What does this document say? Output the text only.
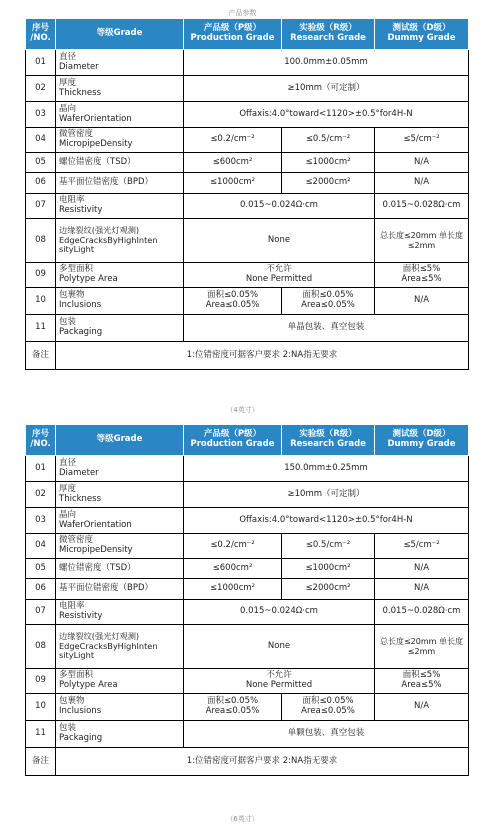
产品参数
序号
/NO.	等级Grade	产品级（P级）
Production Grade	实验级（R级）
Research Grade	测试级（D级）
Dummy Grade

01	直径
Diameter	100.0mm±0.05mm		
02	厚度
Thickness	≥10mm（可定制）		
03	晶向
WaferOrientation	Offaxis:4.0°toward<1120>±0.5°for4H-N		
04	微管密度
MicropipeDensity	≤0.2/cm⁻²	≤0.5/cm⁻²	≤5/cm⁻²
05	螺位错密度（TSD）	≤600cm²	≤1000cm²	N/A
06	基平面位错密度（BPD）	≤1000cm²	≤2000cm²	N/A
07	电阻率
Resistivity	0.015~0.024Ω·cm		0.015~0.028Ω·cm
08	边缘裂纹(强光灯观测)
EdgeCracksByHighInten
sityLight	None		总长度≤20mm 单长度≤2mm
09	多型面积
Polytype Area	不允许
None Permitted		面积≤5%
Area≤5%

10	包裹物
Inclusions	面积≤0.05%
Area≤0.05%	面积≤0.05%
Area≤0.05%	N/A
11	包装
Packaging	单晶包装、真空包装		
备注	1:位错密度可据客户要求 2:NA指无要求			
（4英寸）
序号
/NO.	等级Grade	产品级（P级）
Production Grade	实验级（R级）
Research Grade	测试级（D级）
Dummy Grade

01	直径
Diameter	150.0mm±0.25mm		
02	厚度
Thickness	≥10mm（可定制）		
03	晶向
WaferOrientation	Offaxis:4.0°toward<1120>±0.5°for4H-N		
04	微管密度
MicropipeDensity	≤0.2/cm⁻²	≤0.5/cm⁻²	≤5/cm⁻²
05	螺位错密度（TSD）	≤600cm²	≤1000cm²	N/A
06	基平面位错密度（BPD）	≤1000cm²	≤2000cm²	N/A
07	电阻率
Resistivity	0.015~0.024Ω·cm		0.015~0.028Ω·cm
08	边缘裂纹(强光灯观测)
EdgeCracksByHighInten
sityLight	None		总长度≤20mm 单长度≤2mm
09	多型面积
Polytype Area	不允许
None Permitted		面积≤5%
Area≤5%

10	包裹物
Inclusions	面积≤0.05%
Area≤0.05%	面积≤0.05%
Area≤0.05%	N/A
11	包装
Packaging	单颗包装、真空包装		
备注	1:位错密度可据客户要求 2:NA指无要求			
（6英寸）
